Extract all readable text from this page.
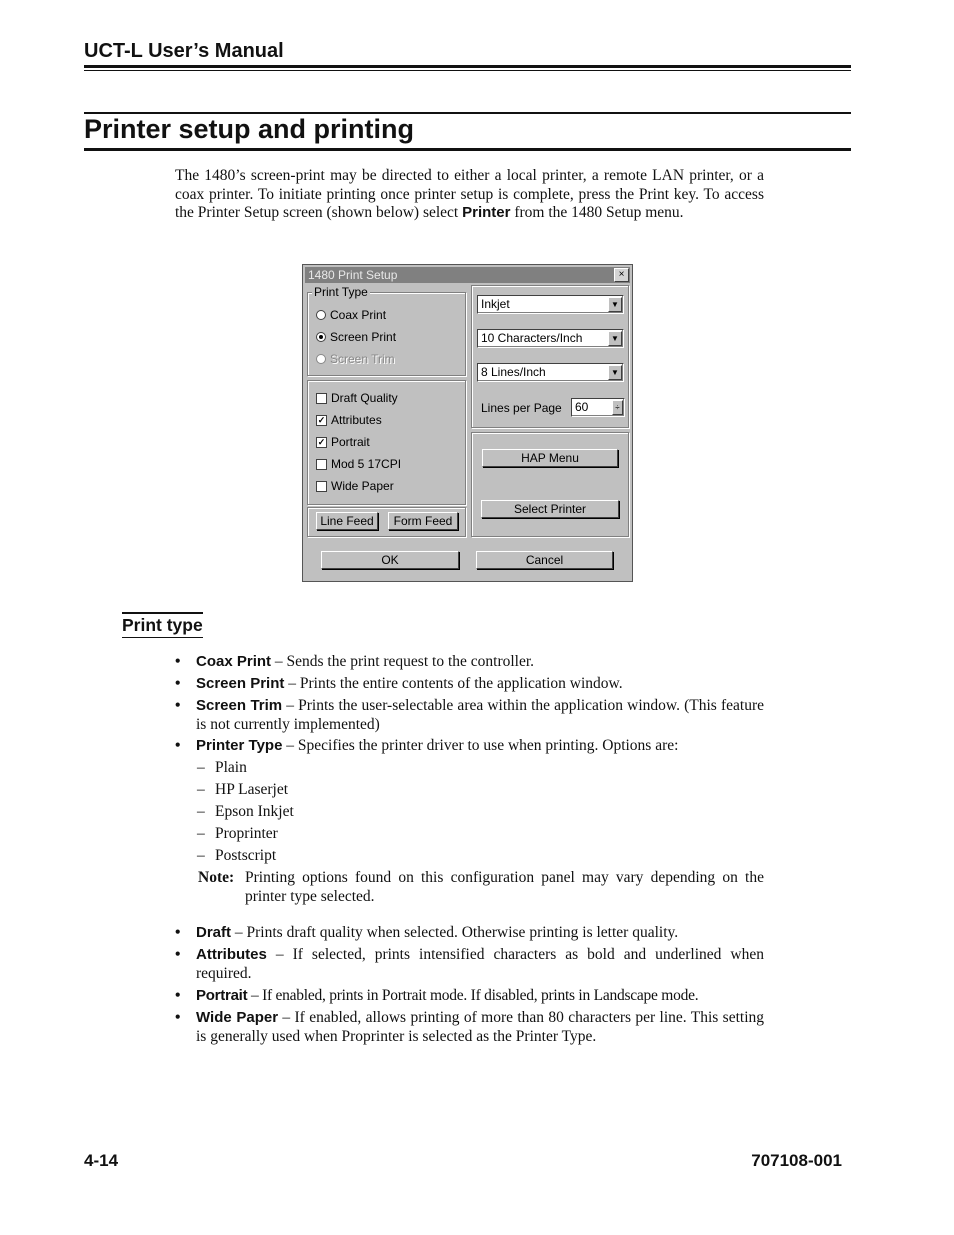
UCT-L User’s Manual
Printer setup and printing
The 1480’s screen-print may be directed to either a local printer, a remote LAN printer, or a coax printer. To initiate printing once printer setup is complete, press the Print key. To access the Printer Setup screen (shown below) select Printer from the 1480 Setup menu.
1480 Print Setup	×
Print Type
Coax Print
Screen Print
Screen Trim
Draft Quality
✓ Attributes
✓ Portrait
Mod 5 17CPI
Wide Paper
Line Feed	Form Feed
Inkjet	▼
10 Characters/Inch	▼
8 Lines/Inch	▼
Lines per Page	60	÷
HAP Menu
Select Printer
OK	Cancel
Print type
• Coax Print – Sends the print request to the controller.
• Screen Print – Prints the entire contents of the application window.
• Screen Trim – Prints the user-selectable area within the application window. (This feature is not currently implemented)
• Printer Type – Specifies the printer driver to use when printing. Options are:
– Plain
– HP Laserjet
– Epson Inkjet
– Proprinter
– Postscript
Note: Printing options found on this configuration panel may vary depending on the printer type selected.
• Draft – Prints draft quality when selected. Otherwise printing is letter quality.
• Attributes – If selected, prints intensified characters as bold and underlined when required.
• Portrait – If enabled, prints in Portrait mode. If disabled, prints in Landscape mode.
• Wide Paper – If enabled, allows printing of more than 80 characters per line. This setting is generally used when Proprinter is selected as the Printer Type.
4-14	707108-001
